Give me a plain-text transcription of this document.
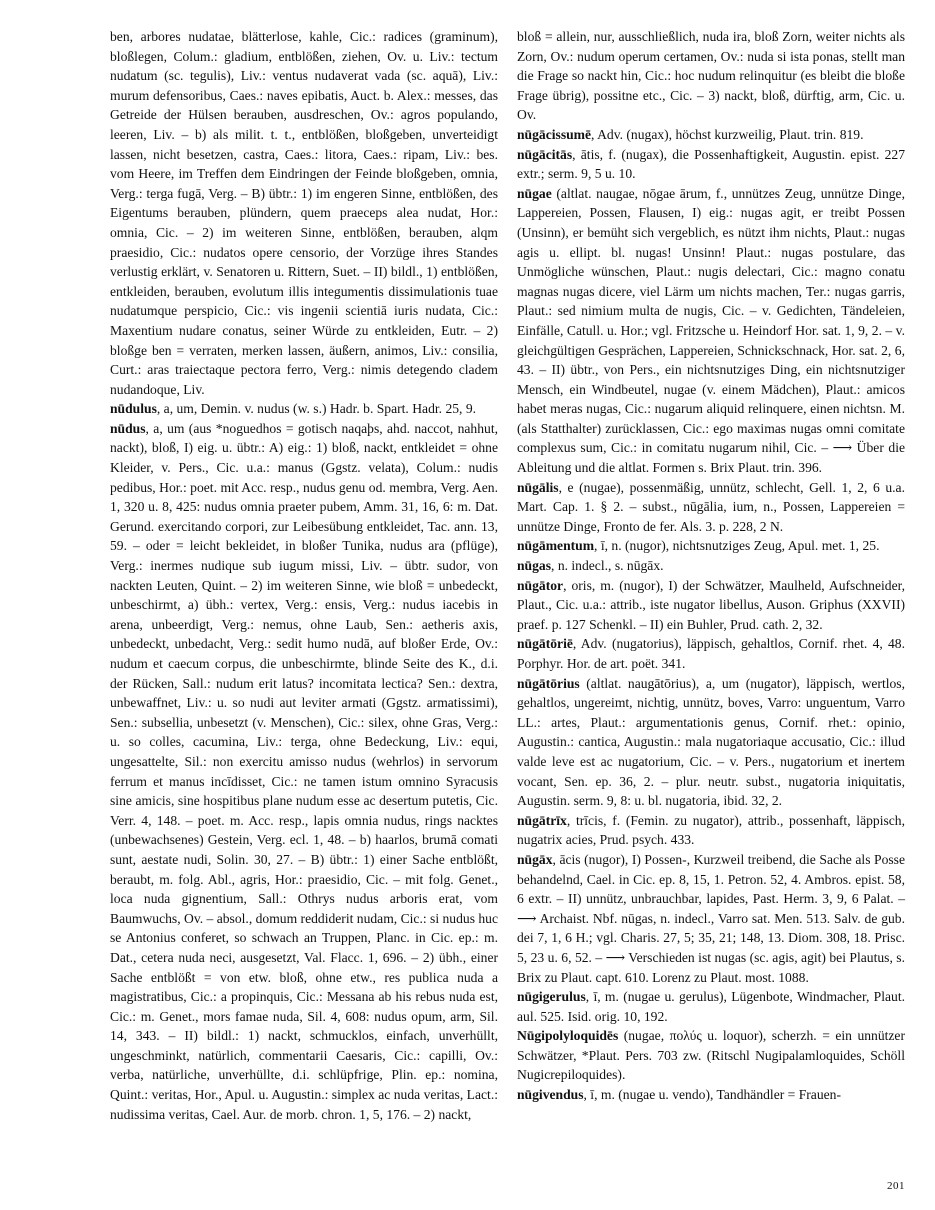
ben, arbores nudatae, blätterlose, kahle, Cic.: radices (graminum), bloßlegen, Colum.: gladium, entblößen, ziehen, Ov. u. Liv.: tectum nudatum (sc. tegulis), Liv.: ventus nudaverat vada (sc. aquā), Liv.: murum defensoribus, Caes.: naves epibatis, Auct. b. Alex.: messes, das Getreide der Hülsen berauben, ausdreschen, Ov.: agros populando, leeren, Liv. – b) als milit. t. t., entblößen, bloßgeben, unverteidigt lassen, nicht besetzen, castra, Caes.: litora, Caes.: ripam, Liv.: bes. vom Heere, im Treffen dem Eindringen der Feinde bloßgeben, omnia, Verg.: terga fugā, Verg. – B) übtr.: 1) im engeren Sinne, entblößen, des Eigentums berauben, plündern, quem praeceps alea nudat, Hor.: omnia, Cic. – 2) im weiteren Sinne, entblößen, berauben, alqm praesidio, Cic.: nudatos opere censorio, der Vorzüge ihres Standes verlustig erklärt, v. Senatoren u. Rittern, Suet. – II) bildl., 1) entblößen, entkleiden, berauben, evolutum illis integumentis dissimulationis tuae nudatumque perspicio, Cic.: vis ingenii scientiā iuris nudata, Cic.: Maxentium nudare conatus, seiner Würde zu entkleiden, Eutr. – 2) bloßge ben = verraten, merken lassen, äußern, animos, Liv.: consilia, Curt.: aras traiectaque pectora ferro, Verg.: nimis detegendo cladem nudandoque, Liv.

nūdulus, a, um, Demin. v. nudus (w. s.) Hadr. b. Spart. Hadr. 25, 9.

nūdus, a, um (aus *noguedhos = gotisch naqaþs, ahd. naccot, nahhut, nackt), bloß, I) eig. u. übtr.: A) eig.: 1) bloß, nackt, entkleidet = ohne Kleider, v. Pers., Cic. u.a.: manus (Ggstz. velata), Colum.: nudis pedibus, Hor.: poet. mit Acc. resp., nudus genu od. membra, Verg. Aen. 1, 320 u. 8, 425: nudus omnia praeter pubem, Amm. 31, 16, 6: m. Dat. Gerund. exercitando corpori, zur Leibesübung entkleidet, Tac. ann. 13, 59. – oder = leicht bekleidet, in bloßer Tunika, nudus ara (pflüge), Verg.: inermes nudique sub iugum missi, Liv. – übtr. sudor, von nackten Leuten, Quint. – 2) im weiteren Sinne, wie bloß = unbedeckt, unbeschirmt, a) übh.: vertex, Verg.: ensis, Verg.: nudus iacebis in arena, unbeerdigt, Verg.: nemus, ohne Laub, Sen.: aetheris axis, unbedeckt, unbedacht, Verg.: sedit humo nudā, auf bloßer Erde, Ov.: nudum et caecum corpus, die unbeschirmte, blinde Seite des K., d.i. der Rücken, Sall.: nudum erit latus? incomitata lectica? Sen.: dextra, unbewaffnet, Liv.: u. so nudi aut leviter armati (Ggstz. armatissimi), Sen.: subsellia, unbesetzt (v. Menschen), Cic.: silex, ohne Gras, Verg.: u. so colles, cacumina, Liv.: terga, ohne Bedeckung, Liv.: equi, ungesattelte, Sil.: non exercitu amisso nudus (wehrlos) in servorum ferrum et manus incīdisset, Cic.: ne tamen istum omnino Syracusis sine amicis, sine hospitibus plane nudum esse ac desertum putetis, Cic. Verr. 4, 148. – poet. m. Acc. resp., lapis omnia nudus, rings nacktes (unbewachsenes) Gestein, Verg. ecl. 1, 48. – b) haarlos, brumā comati sunt, aestate nudi, Solin. 30, 27. – B) übtr.: 1) einer Sache entblößt, beraubt, m. folg. Abl., agris, Hor.: praesidio, Cic. – mit folg. Genet., loca nuda gignentium, Sall.: Othrys nudus arboris erat, vom Baumwuchs, Ov. – absol., domum reddiderit nudam, Cic.: si nudus huc se Antonius conferet, so schwach an Truppen, Planc. in Cic. ep.: m. Dat., cetera nuda neci, ausgesetzt, Val. Flacc. 1, 696. – 2) übh., einer Sache entblößt = von etw. bloß, ohne etw., res publica nuda a magistratibus, Cic.: a propinquis, Cic.: Messana ab his rebus nuda est, Cic.: m. Genet., mors famae nuda, Sil. 4, 608: nudus opum, arm, Sil. 14, 343. – II) bildl.: 1) nackt, schmucklos, einfach, unverhüllt, ungeschminkt, natürlich, commentarii Caesaris, Cic.: capilli, Ov.: verba, natürliche, unverhüllte, d.i. schlüpfrige, Plin. ep.: nomina, Quint.: veritas, Hor., Apul. u. Augustin.: simplex ac nuda veritas, Lact.: nudissima veritas, Cael. Aur. de morb. chron. 1, 5, 176. – 2) nackt,

bloß = allein, nur, ausschließlich, nuda ira, bloß Zorn, weiter nichts als Zorn, Ov.: nudum operum certamen, Ov.: nuda si ista ponas, stellt man die Frage so nackt hin, Cic.: hoc nudum relinquitur (es bleibt die bloße Frage übrig), possitne etc., Cic. – 3) nackt, bloß, dürftig, arm, Cic. u. Ov.

nūgācissumē, Adv. (nugax), höchst kurzweilig, Plaut. trin. 819.

nūgācitās, ātis, f. (nugax), die Possenhaftigkeit, Augustin. epist. 227 extr.; serm. 9, 5 u. 10.

nūgae (altlat. naugae, nōgae ārum, f., unnützes Zeug, unnütze Dinge, Lappereien, Possen, Flausen, I) eig.: nugas agit, er treibt Possen (Unsinn), er bemüht sich vergeblich, es nützt ihm nichts, Plaut.: nugas agis u. ellipt. bl. nugas! Unsinn! Plaut.: nugas postulare, das Unmögliche wünschen, Plaut.: nugis delectari, Cic.: magno conatu magnas nugas dicere, viel Lärm um nichts machen, Ter.: nugas garris, Plaut.: sed nimium multa de nugis, Cic. – v. Gedichten, Tändeleien, Einfälle, Catull. u. Hor.; vgl. Fritzsche u. Heindorf Hor. sat. 1, 9, 2. – v. gleichgültigen Gesprächen, Lappereien, Schnickschnack, Hor. sat. 2, 6, 43. – II) übtr., von Pers., ein nichtsnutziges Ding, ein nichtsnutziger Mensch, ein Windbeutel, nugae (v. einem Mädchen), Plaut.: amicos habet meras nugas, Cic.: nugarum aliquid relinquere, einen nichtsn. M. (als Statthalter) zurücklassen, Cic.: ego maximas nugas omni comitate complexus sum, Cic.: in comitatu nugarum nihil, Cic. – ⟶ Über die Ableitung und die altlat. Formen s. Brix Plaut. trin. 396.

nūgālis, e (nugae), possenmäßig, unnütz, schlecht, Gell. 1, 2, 6 u.a. Mart. Cap. 1. § 2. – subst., nūgālia, ium, n., Possen, Lappereien = unnütze Dinge, Fronto de fer. Als. 3. p. 228, 2 N.

nūgāmentum, ī, n. (nugor), nichtsnutziges Zeug, Apul. met. 1, 25.

nūgas, n. indecl., s. nūgāx.

nūgātor, oris, m. (nugor), I) der Schwätzer, Maulheld, Aufschneider, Plaut., Cic. u.a.: attrib., iste nugator libellus, Auson. Griphus (XXVII) praef. p. 127 Schenkl. – II) ein Buhler, Prud. cath. 2, 32.

nūgātōriē, Adv. (nugatorius), läppisch, gehaltlos, Cornif. rhet. 4, 48. Porphyr. Hor. de art. poët. 341.

nūgātōrius (altlat. naugātōrius), a, um (nugator), läppisch, wertlos, gehaltlos, ungereimt, nichtig, unnütz, boves, Varro: unguentum, Varro LL.: artes, Plaut.: argumentationis genus, Cornif. rhet.: opinio, Augustin.: cantica, Augustin.: mala nugatoriaque accusatio, Cic.: illud valde leve est ac nugatorium, Cic. – v. Pers., nugatorium et inertem vocant, Sen. ep. 36, 2. – plur. neutr. subst., nugatoria iniquitatis, Augustin. serm. 9, 8: u. bl. nugatoria, ibid. 32, 2.

nūgātrīx, trīcis, f. (Femin. zu nugator), attrib., possenhaft, läppisch, nugatrix acies, Prud. psych. 433.

nūgāx, ācis (nugor), I) Possen-, Kurzweil treibend, die Sache als Posse behandelnd, Cael. in Cic. ep. 8, 15, 1. Petron. 52, 4. Ambros. epist. 58, 6 extr. – II) unnütz, unbrauchbar, lapides, Past. Herm. 3, 9, 6 Palat. – ⟶ Archaist. Nbf. nūgas, n. indecl., Varro sat. Men. 513. Salv. de gub. dei 7, 1, 6 H.; vgl. Charis. 27, 5; 35, 21; 148, 13. Diom. 308, 18. Prisc. 5, 23 u. 6, 52. – ⟶ Verschieden ist nugas (sc. agis, agit) bei Plautus, s. Brix zu Plaut. capt. 610. Lorenz zu Plaut. most. 1088.

nūgigerulus, ī, m. (nugae u. gerulus), Lügenbote, Windmacher, Plaut. aul. 525. Isid. orig. 10, 192.

Nūgipolyloquidēs (nugae, πολύς u. loquor), scherzh. = ein unnützer Schwätzer, *Plaut. Pers. 703 zw. (Ritschl Nugipalamloquides, Schöll Nugicrepiloquides).

nūgivendus, ī, m. (nugae u. vendo), Tandhändler = Frauen-

201
